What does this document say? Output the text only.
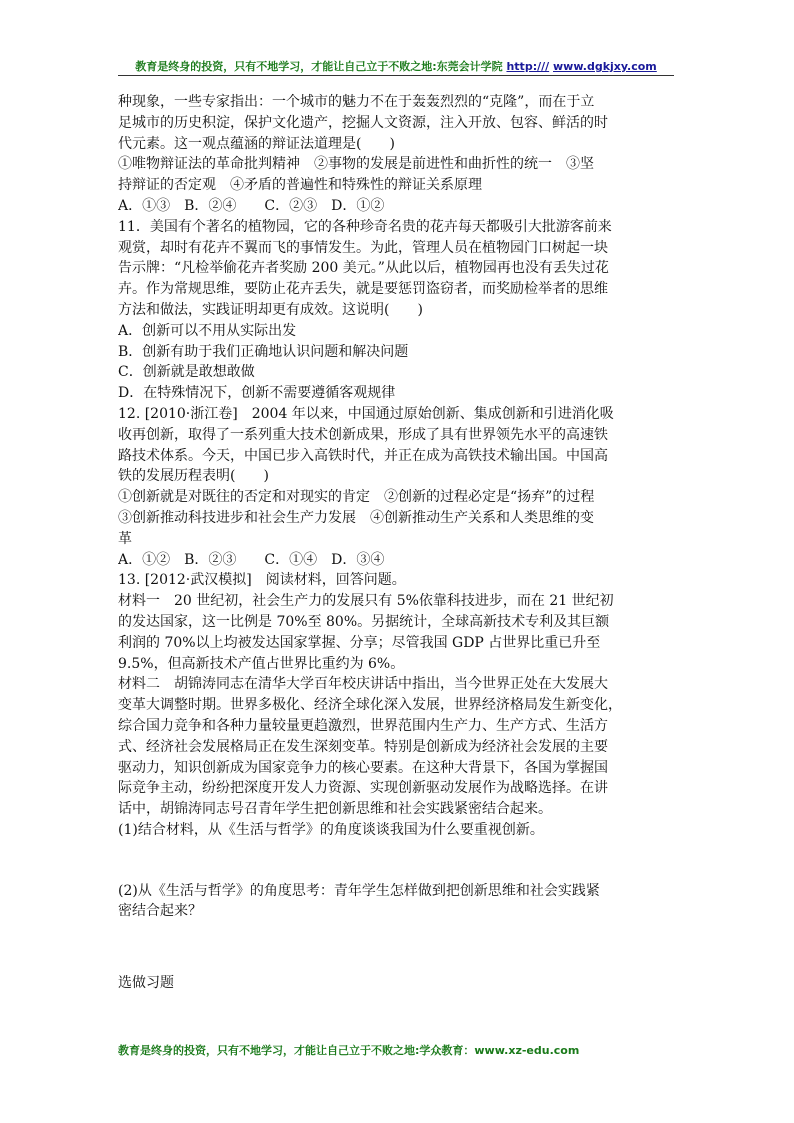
教育是终身的投资，只有不地学习，才能让自己立于不败之地:东莞会计学院 http:/// www.dgkjxy.com
种现象，一些专家指出：一个城市的魅力不在于轰轰烈烈的“克隆”，而在于立
足城市的历史积淀，保护文化遗产，挖掘人文资源，注入开放、包容、鲜活的时
代元素。这一观点蕴涵的辩证法道理是(　　)
①唯物辩证法的革命批判精神　②事物的发展是前进性和曲折性的统一　③坚
持辩证的否定观　④矛盾的普遍性和特殊性的辩证关系原理
A．①③　B．②④　　C．②③　D．①②
11．美国有个著名的植物园，它的各种珍奇名贵的花卉每天都吸引大批游客前来
观赏，却时有花卉不翼而飞的事情发生。为此，管理人员在植物园门口树起一块
告示牌：“凡检举偷花卉者奖励 200 美元。”从此以后，植物园再也没有丢失过花
卉。作为常规思维，要防止花卉丢失，就是要惩罚盗窃者，而奖励检举者的思维
方法和做法，实践证明却更有成效。这说明(　　)
A．创新可以不用从实际出发
B．创新有助于我们正确地认识问题和解决问题
C．创新就是敢想敢做
D．在特殊情况下，创新不需要遵循客观规律
12. [2010·浙江卷]　2004 年以来，中国通过原始创新、集成创新和引进消化吸
收再创新，取得了一系列重大技术创新成果，形成了具有世界领先水平的高速铁
路技术体系。今天，中国已步入高铁时代，并正在成为高铁技术输出国。中国高
铁的发展历程表明(　　)
①创新就是对既往的否定和对现实的肯定　②创新的过程必定是“扬弃”的过程
③创新推动科技进步和社会生产力发展　④创新推动生产关系和人类思维的变
革
A．①②　B．②③　　C．①④　D．③④
13. [2012·武汉模拟]　阅读材料，回答问题。
材料一　20 世纪初，社会生产力的发展只有 5%依靠科技进步，而在 21 世纪初
的发达国家，这一比例是 70%至 80%。另据统计，全球高新技术专利及其巨额
利润的 70%以上均被发达国家掌握、分享；尽管我国 GDP 占世界比重已升至
9.5%，但高新技术产值占世界比重约为 6%。
材料二　胡锦涛同志在清华大学百年校庆讲话中指出，当今世界正处在大发展大
变革大调整时期。世界多极化、经济全球化深入发展，世界经济格局发生新变化，
综合国力竞争和各种力量较量更趋激烈，世界范围内生产力、生产方式、生活方
式、经济社会发展格局正在发生深刻变革。特别是创新成为经济社会发展的主要
驱动力，知识创新成为国家竞争力的核心要素。在这种大背景下，各国为掌握国
际竞争主动，纷纷把深度开发人力资源、实现创新驱动发展作为战略选择。在讲
话中，胡锦涛同志号召青年学生把创新思维和社会实践紧密结合起来。
(1)结合材料，从《生活与哲学》的角度谈谈我国为什么要重视创新。
(2)从《生活与哲学》的角度思考：青年学生怎样做到把创新思维和社会实践紧
密结合起来？
选做习题
教育是终身的投资，只有不地学习，才能让自己立于不败之地:学众教育：www.xz-edu.com
